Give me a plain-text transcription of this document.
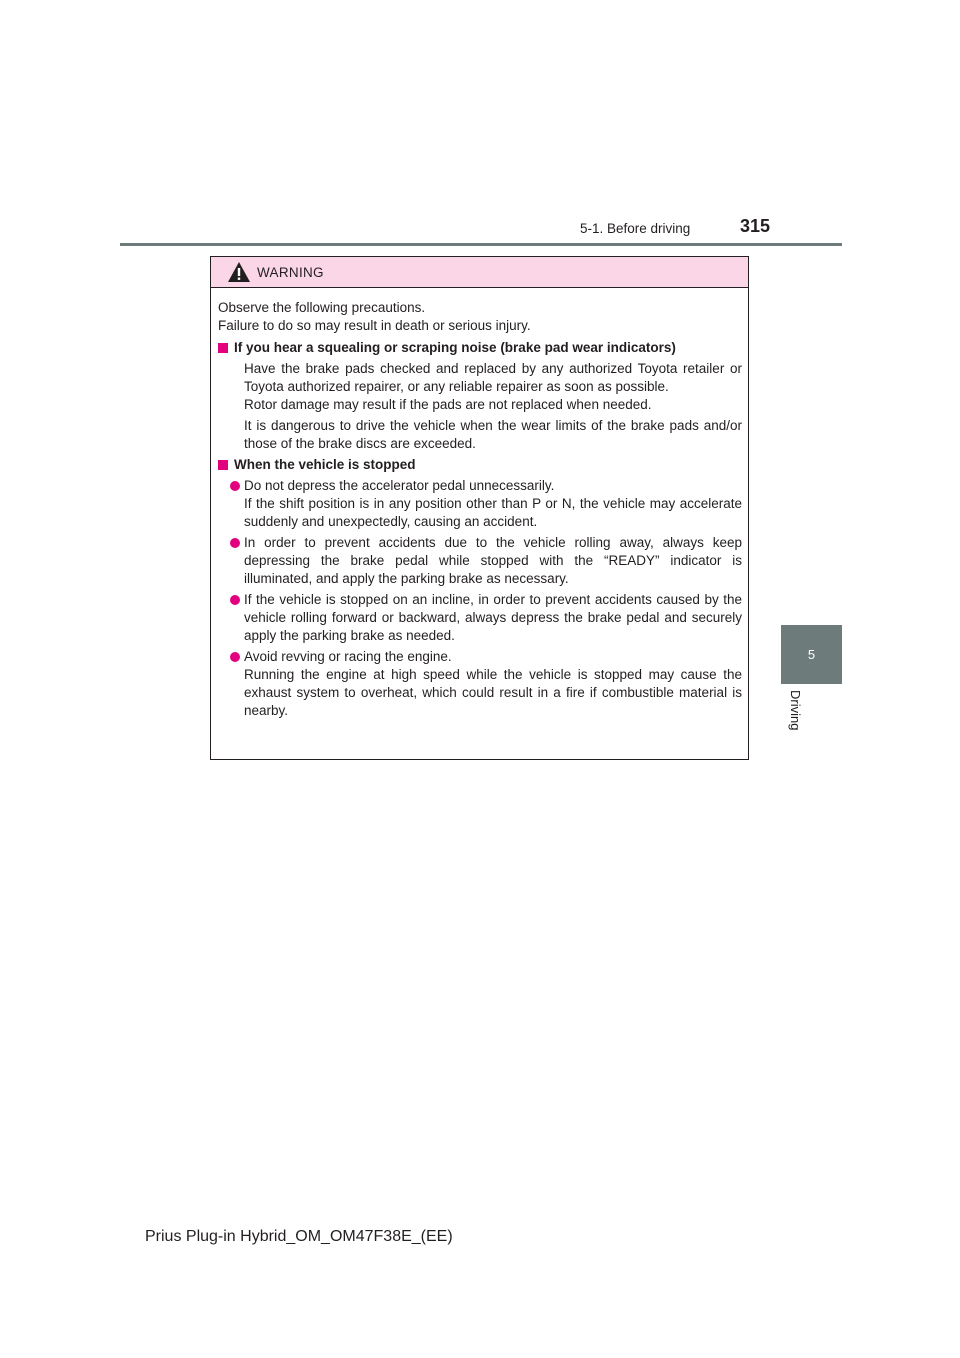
5-1. Before driving	315
5
Driving
WARNING
Observe the following precautions.
Failure to do so may result in death or serious injury.
If you hear a squealing or scraping noise (brake pad wear indicators)
Have the brake pads checked and replaced by any authorized Toyota retailer or Toyota authorized repairer, or any reliable repairer as soon as possible.
Rotor damage may result if the pads are not replaced when needed.
It is dangerous to drive the vehicle when the wear limits of the brake pads and/or those of the brake discs are exceeded.
When the vehicle is stopped
Do not depress the accelerator pedal unnecessarily.
If the shift position is in any position other than P or N, the vehicle may accelerate suddenly and unexpectedly, causing an accident.
In order to prevent accidents due to the vehicle rolling away, always keep depressing the brake pedal while stopped with the “READY” indicator is illuminated, and apply the parking brake as necessary.
If the vehicle is stopped on an incline, in order to prevent accidents caused by the vehicle rolling forward or backward, always depress the brake pedal and securely apply the parking brake as needed.
Avoid revving or racing the engine.
Running the engine at high speed while the vehicle is stopped may cause the exhaust system to overheat, which could result in a fire if combustible material is nearby.
Prius Plug-in Hybrid_OM_OM47F38E_(EE)
